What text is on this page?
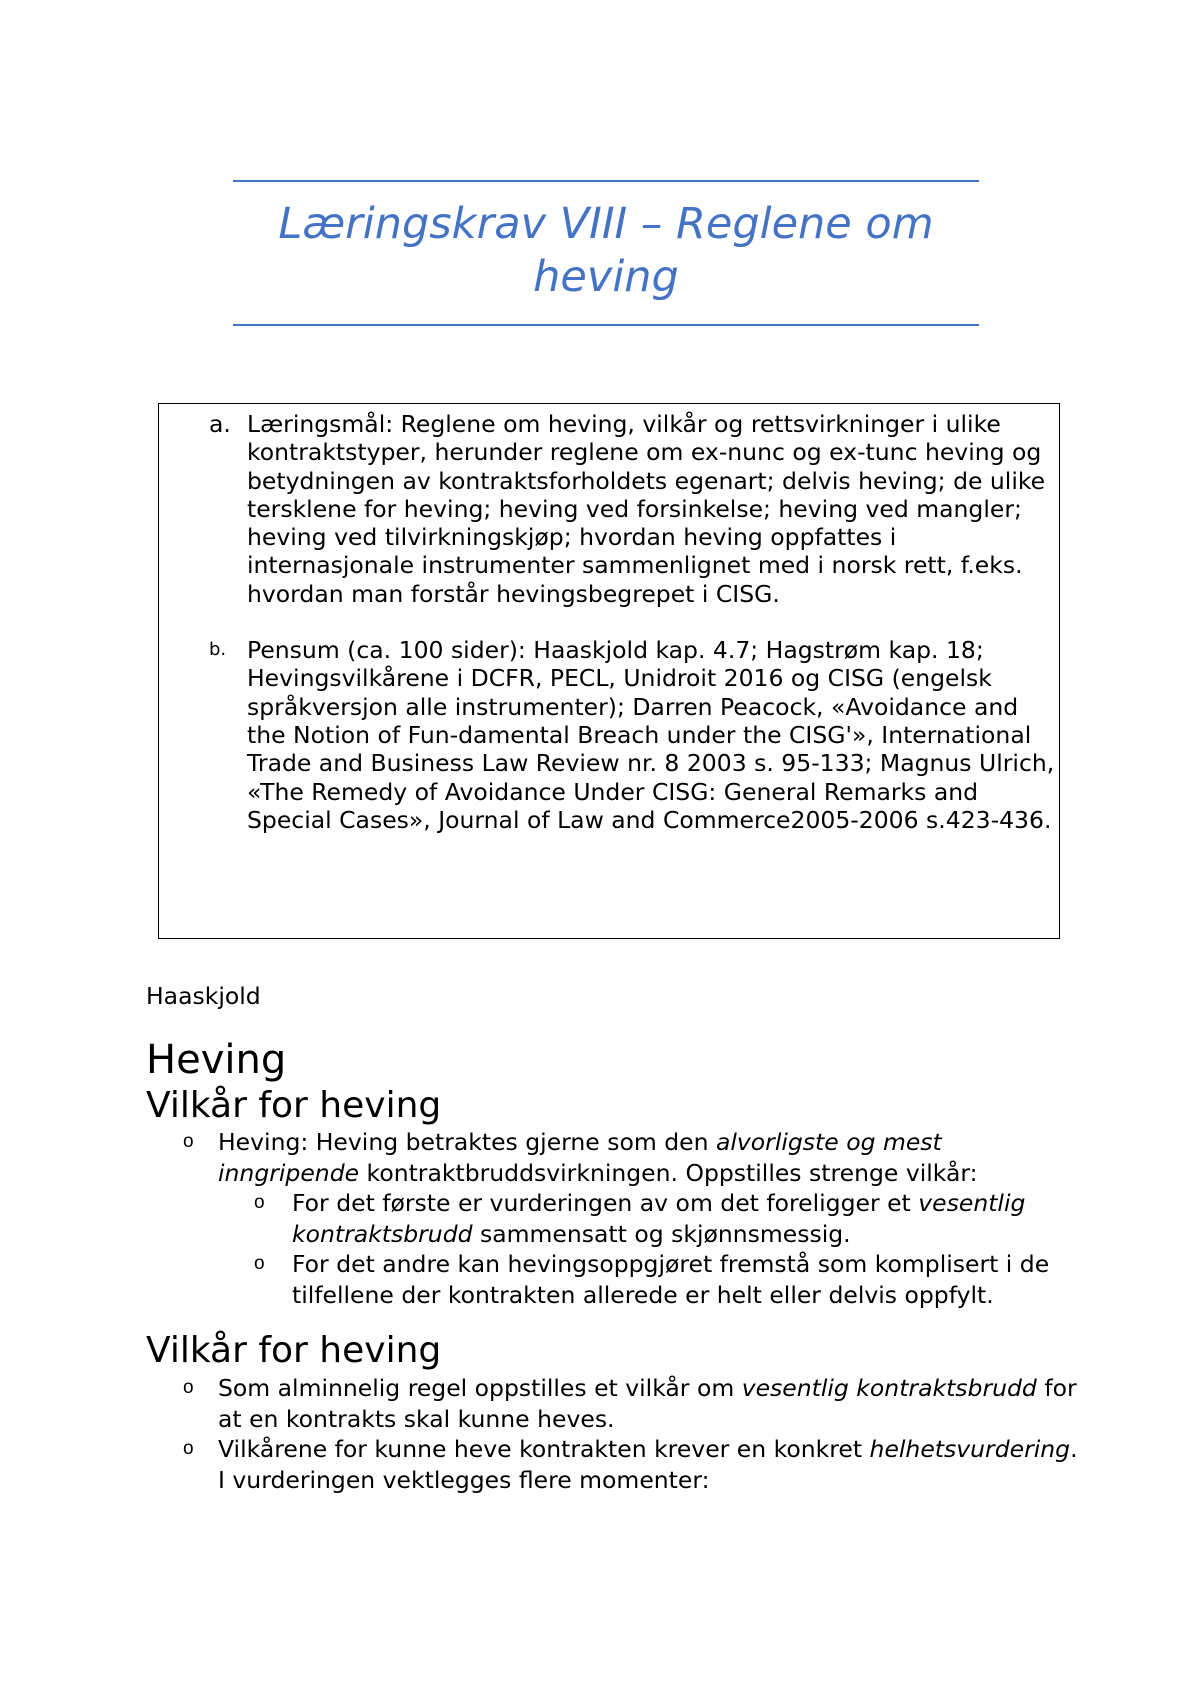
Læringskrav VIII – Reglene om heving
a. Læringsmål: Reglene om heving, vilkår og rettsvirkninger i ulike kontraktstyper, herunder reglene om ex-nunc og ex-tunc heving og betydningen av kontraktsforholdets egenart; delvis heving; de ulike tersklene for heving; heving ved forsinkelse; heving ved mangler; heving ved tilvirkningskjøp; hvordan heving oppfattes i internasjonale instrumenter sammenlignet med i norsk rett, f.eks. hvordan man forstår hevingsbegrepet i CISG.
b. Pensum (ca. 100 sider): Haaskjold kap. 4.7; Hagstrøm kap. 18; Hevingsvilkårene i DCFR, PECL, Unidroit 2016 og CISG (engelsk språkversjon alle instrumenter); Darren Peacock, «Avoidance and the Notion of Fun-damental Breach under the CISG'», International Trade and Business Law Review nr. 8 2003 s. 95-133; Magnus Ulrich, «The Remedy of Avoidance Under CISG: General Remarks and Special Cases», Journal of Law and Commerce2005-2006 s.423-436.
Haaskjold
Heving
Vilkår for heving
o Heving: Heving betraktes gjerne som den alvorligste og mest inngripende kontraktbruddsvirkningen. Oppstilles strenge vilkår:
o For det første er vurderingen av om det foreligger et vesentlig kontraktsbrudd sammensatt og skjønnsmessig.
o For det andre kan hevingsoppgjøret fremstå som komplisert i de tilfellene der kontrakten allerede er helt eller delvis oppfylt.
Vilkår for heving
o Som alminnelig regel oppstilles et vilkår om vesentlig kontraktsbrudd for at en kontrakts skal kunne heves.
o Vilkårene for kunne heve kontrakten krever en konkret helhetsvurdering. I vurderingen vektlegges flere momenter:
